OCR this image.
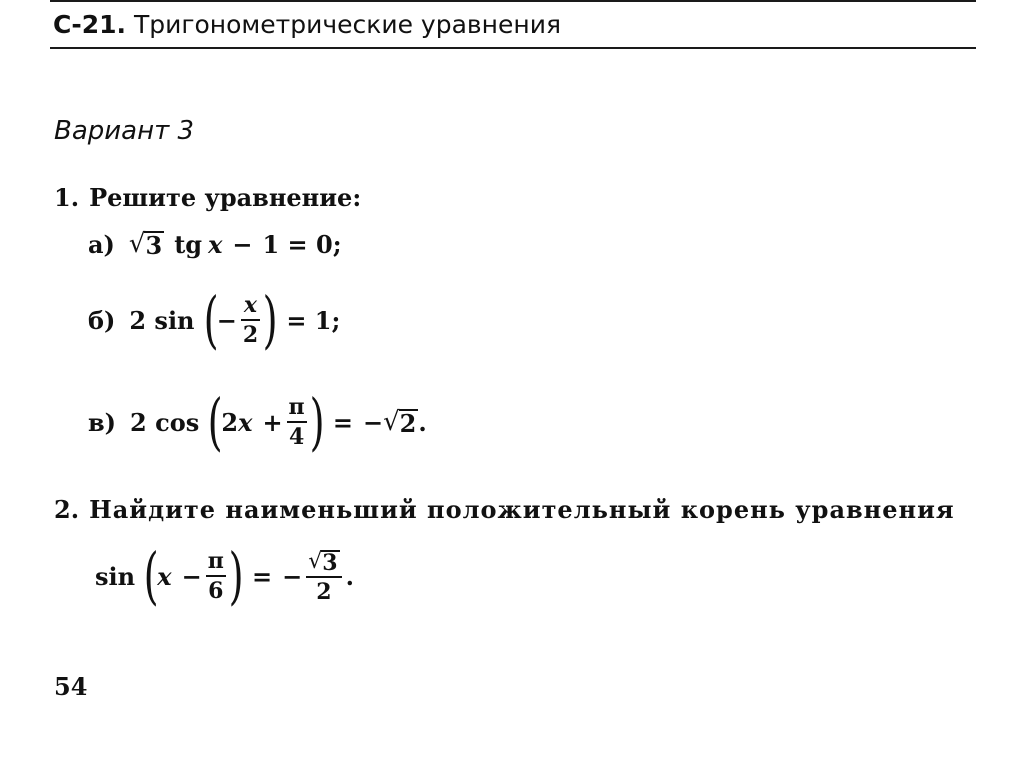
С-21. Тригонометрические уравнения
Вариант 3
1. Решите уравнение:
а) √ 3 tg x − 1 = 0;
б) 2 sin (
− $\frac{x}{2}$ ) = 1;
в) 2 cos (
2 $x + \frac{\pi}{4}$ ) = − √ 2 .
2. Найдите наименьший положительный корень уравнения
sin (
$x - \frac{\pi}{6}$ ) = − $\frac{√ 3}{2}$ .
54
